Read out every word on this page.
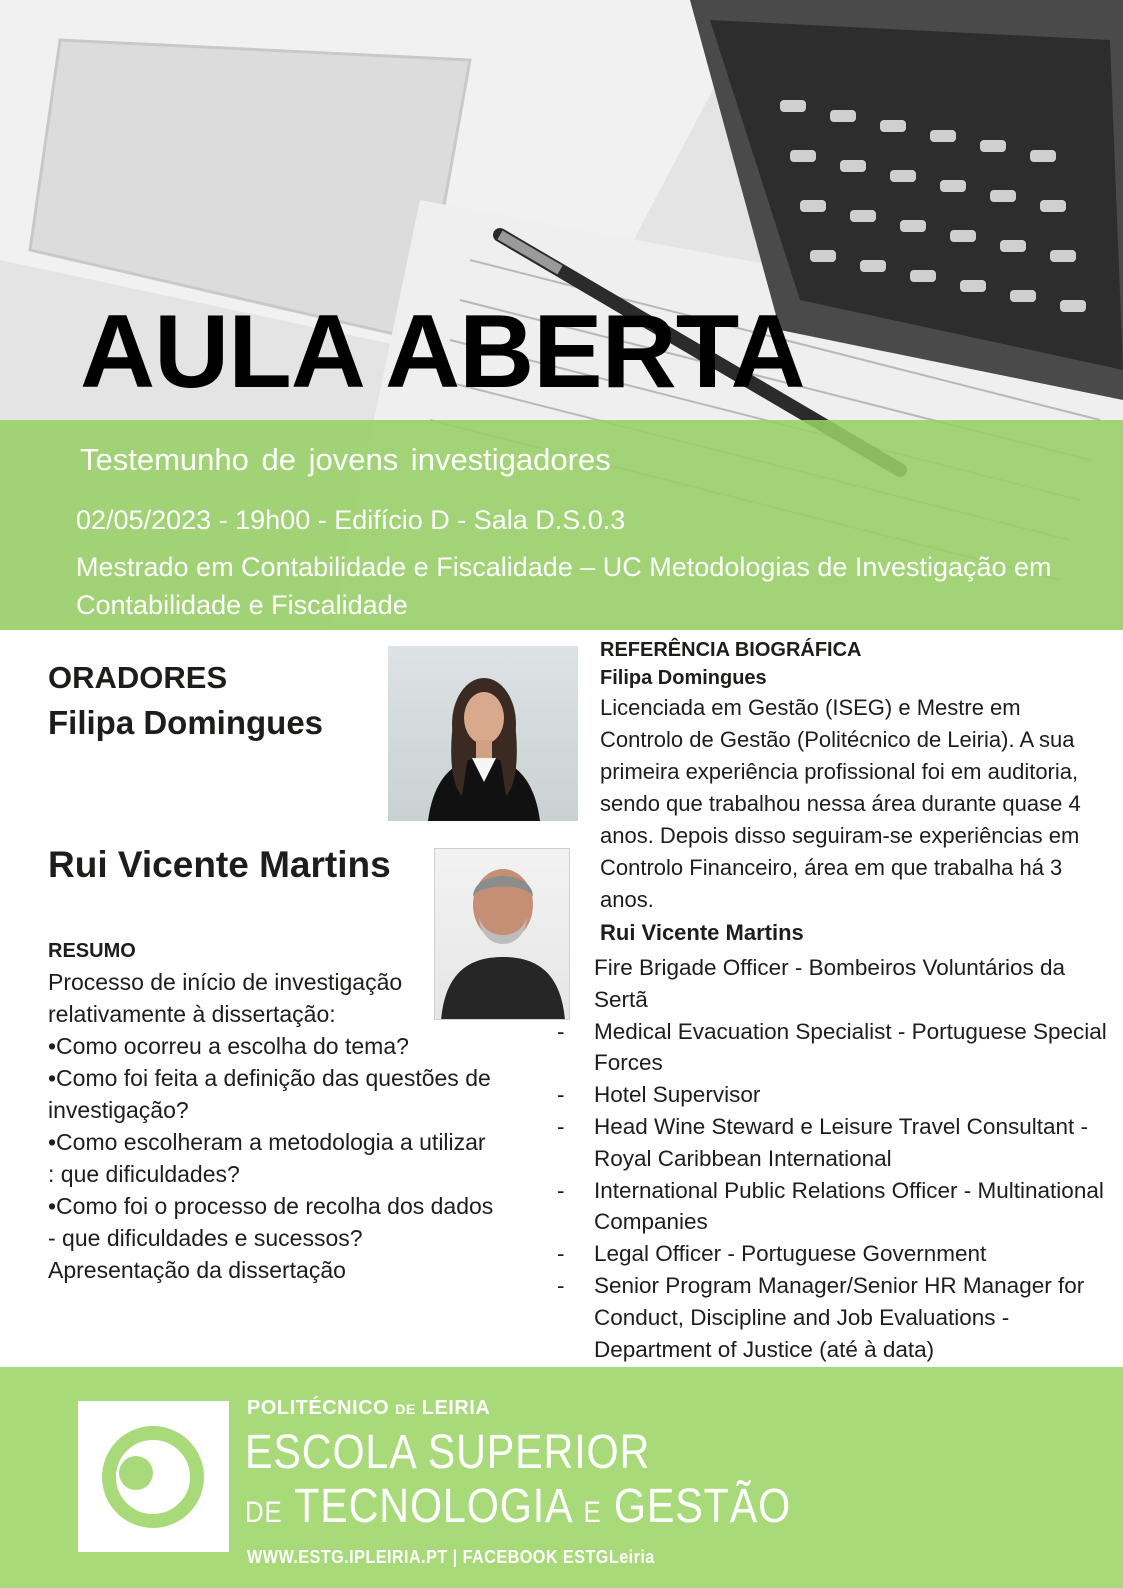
AULA ABERTA
Testemunho de jovens investigadores
02/05/2023 - 19h00 - Edifício D - Sala D.S.0.3
Mestrado em Contabilidade e Fiscalidade – UC Metodologias de Investigação em Contabilidade e Fiscalidade
ORADORES
Filipa Domingues
Rui Vicente Martins
RESUMO
Processo de início de investigação relativamente à dissertação:
•Como ocorreu a escolha do tema?
•Como foi feita a definição das questões de investigação?
•Como escolheram a metodologia a utilizar : que dificuldades?
•Como foi o processo de recolha dos dados - que dificuldades e sucessos?
Apresentação da dissertação
REFERÊNCIA BIOGRÁFICA
Filipa Domingues
Licenciada em Gestão (ISEG) e Mestre em Controlo de Gestão (Politécnico de Leiria). A sua primeira experiência profissional foi em auditoria, sendo que trabalhou nessa área durante quase 4 anos. Depois disso seguiram-se experiências em Controlo Financeiro, área em que trabalha há 3 anos.
Rui Vicente Martins
Fire Brigade Officer - Bombeiros Voluntários da Sertã
- Medical Evacuation Specialist - Portuguese Special Forces
- Hotel Supervisor
- Head Wine Steward e Leisure Travel Consultant - Royal Caribbean International
- International Public Relations Officer - Multinational Companies
- Legal Officer - Portuguese Government
- Senior Program Manager/Senior HR Manager for Conduct, Discipline and Job Evaluations - Department of Justice (até à data)
POLITÉCNICO DE LEIRIA
ESCOLA SUPERIOR
DE TECNOLOGIA E GESTÃO
WWW.ESTG.IPLEIRIA.PT | FACEBOOK ESTGLeiria
